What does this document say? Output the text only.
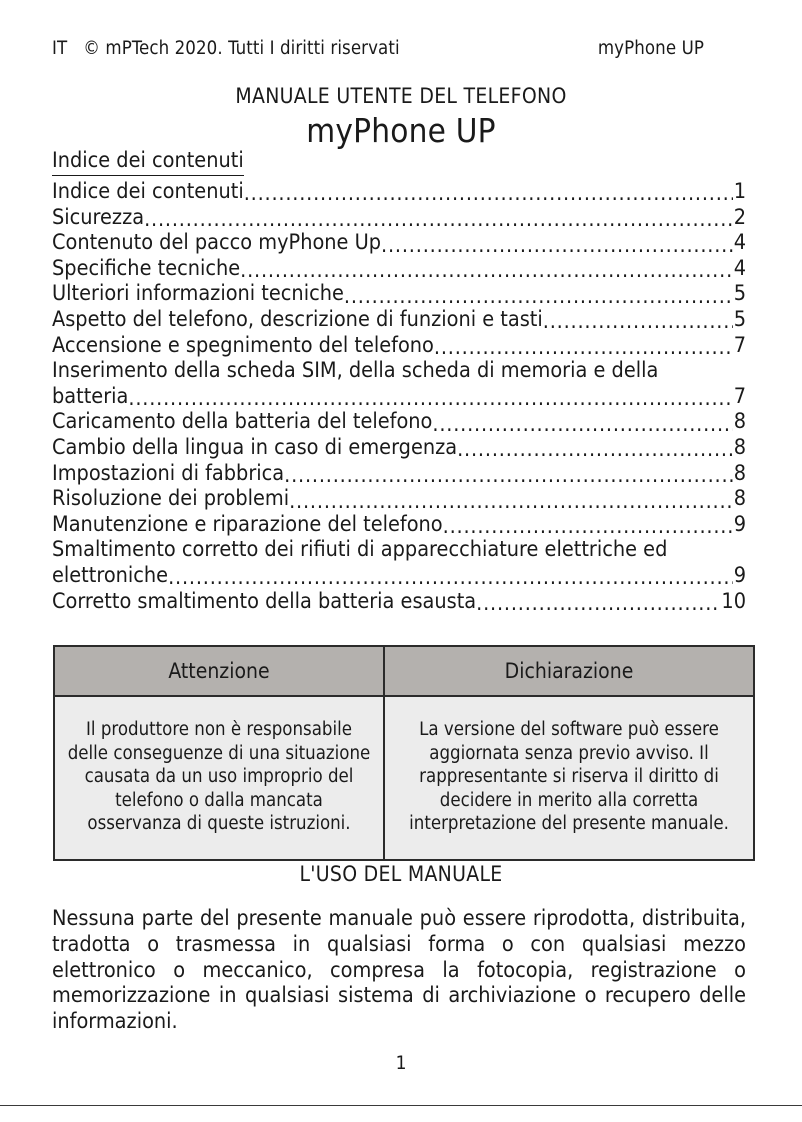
IT © mPTech 2020. Tutti I diritti riservati	myPhone UP
MANUALE UTENTE DEL TELEFONO
myPhone UP
Indice dei contenuti
Indice dei contenuti .....	1
Sicurezza .....	2
Contenuto del pacco myPhone Up .....	4
Specifiche tecniche .....	4
Ulteriori informazioni tecniche .....	5
Aspetto del telefono, descrizione di funzioni e tasti .....	5
Accensione e spegnimento del telefono .....	7
Inserimento della scheda SIM, della scheda di memoria e della
batteria .....	7
Caricamento della batteria del telefono .....	8
Cambio della lingua in caso di emergenza .....	8
Impostazioni di fabbrica .....	8
Risoluzione dei problemi .....	8
Manutenzione e riparazione del telefono .....	9
Smaltimento corretto dei rifiuti di apparecchiature elettriche ed
elettroniche .....	9
Corretto smaltimento della batteria esausta .....	10
Attenzione	Dichiarazione
Il produttore non è responsabile delle conseguenze di una situazione causata da un uso improprio del telefono o dalla mancata osservanza di queste istruzioni.	La versione del software può essere aggiornata senza previo avviso. Il rappresentante si riserva il diritto di decidere in merito alla corretta interpretazione del presente manuale.
L'USO DEL MANUALE
Nessuna parte del presente manuale può essere riprodotta, distribuita, tradotta o trasmessa in qualsiasi forma o con qualsiasi mezzo elettronico o meccanico, compresa la fotocopia, registrazione o memorizzazione in qualsiasi sistema di archiviazione o recupero delle informazioni.
1
